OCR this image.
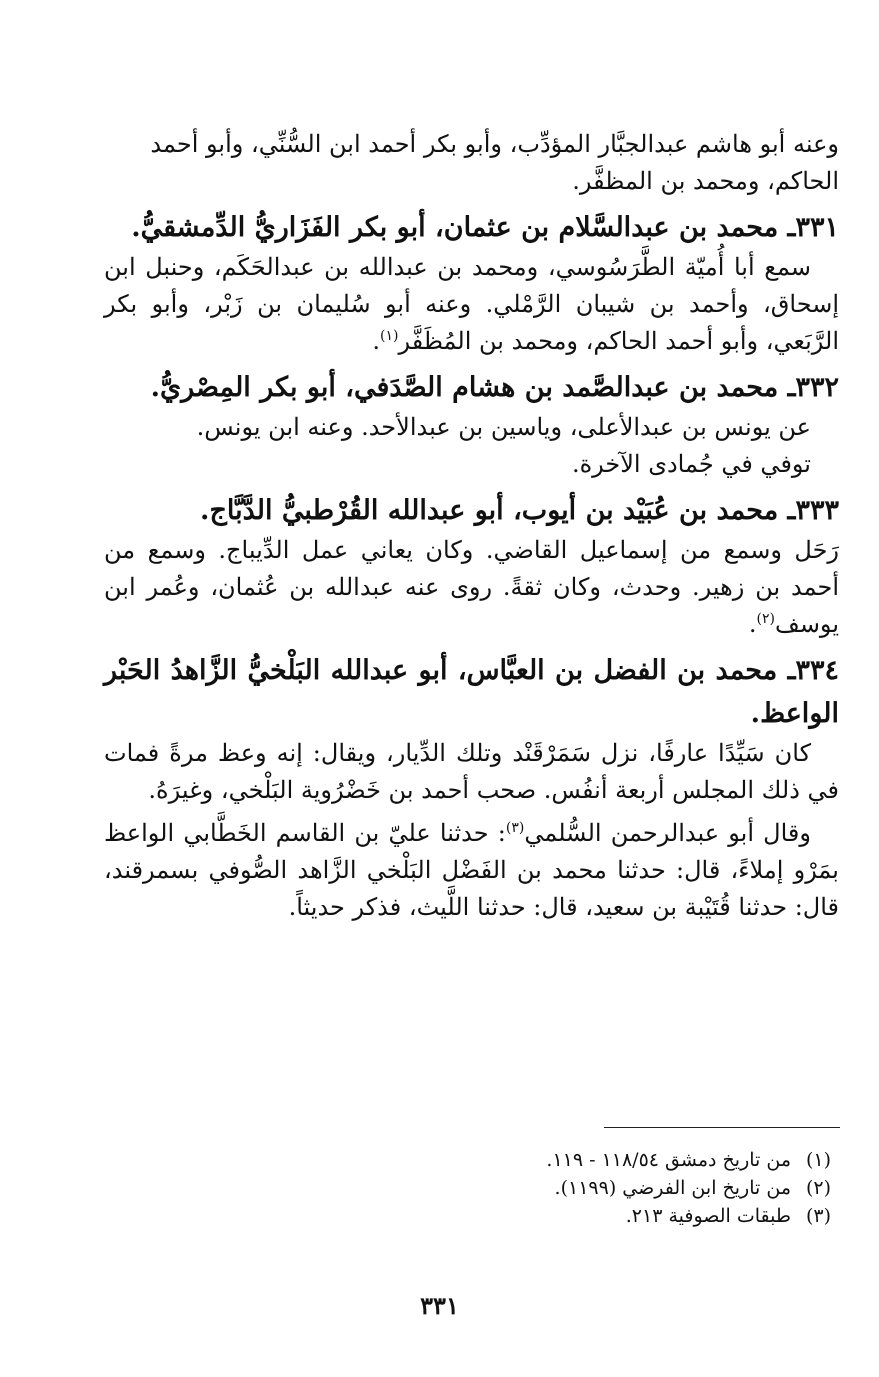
وعنه أبو هاشم عبدالجبَّار المؤدِّب، وأبو بكر أحمد ابن السُّنِّي، وأبو أحمد
الحاكم، ومحمد بن المظفَّر.
٣٣١ـ محمد بن عبدالسَّلام بن عثمان، أبو بكر الفَزَاريُّ الدِّمشقيُّ.
سمع أبا أُميّة الطَّرَسُوسي، ومحمد بن عبدالله بن عبدالحَكَم، وحنبل ابن إسحاق، وأحمد بن شيبان الرَّمْلي. وعنه أبو سُليمان بن زَبْر، وأبو بكر الرَّبَعي، وأبو أحمد الحاكم، ومحمد بن المُظَفَّر$^{(١)}$.
٣٣٢ـ محمد بن عبدالصَّمد بن هشام الصَّدَفي، أبو بكر المِصْريُّ.
عن يونس بن عبدالأعلى، وياسين بن عبدالأحد. وعنه ابن يونس.
توفي في جُمادى الآخرة.
٣٣٣ـ محمد بن عُبَيْد بن أيوب، أبو عبدالله القُرْطبيُّ الدَّبَّاج.
رَحَل وسمع من إسماعيل القاضي. وكان يعاني عمل الدِّيباج. وسمع من أحمد بن زهير. وحدث، وكان ثقةً. روى عنه عبدالله بن عُثمان، وعُمر ابن يوسف$^{(٢)}$.
٣٣٤ـ محمد بن الفضل بن العبَّاس، أبو عبدالله البَلْخيُّ الزَّاهدُ الحَبْر الواعظ.
كان سَيِّدًا عارفًا، نزل سَمَرْقَنْد وتلك الدِّيار، ويقال: إنه وعظ مرةً فمات في ذلك المجلس أربعة أنفُس. صحب أحمد بن خَضْرُوية البَلْخي، وغيرَهُ.
وقال أبو عبدالرحمن السُّلمي$^{(٣)}$: حدثنا عليّ بن القاسم الخَطَّابي الواعظ بمَرْو إملاءً، قال: حدثنا محمد بن الفَضْل البَلْخي الزَّاهد الصُّوفي بسمرقند، قال: حدثنا قُتَيْبة بن سعيد، قال: حدثنا اللَّيث، فذكر حديثاً.
(١)من تاريخ دمشق ١١٨/٥٤ - ١١٩.
(٢)من تاريخ ابن الفرضي (١١٩٩).
(٣)طبقات الصوفية ٢١٣.
٣٣١
